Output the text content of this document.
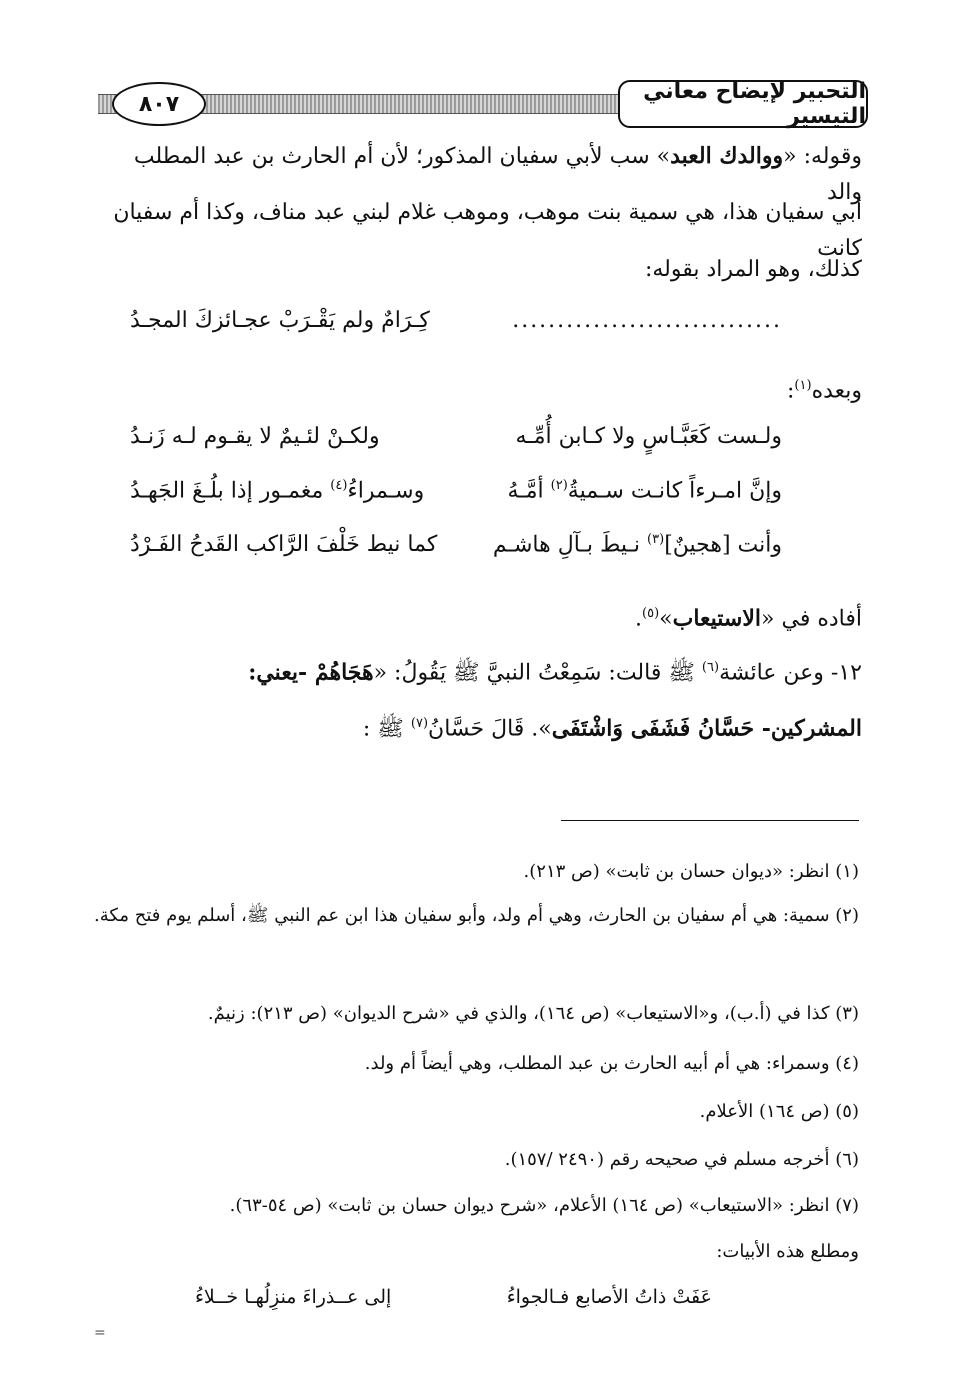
التحبير لإيضاح معاني التيسير
٨٠٧
وقوله: «ووالدك العبد» سب لأبي سفيان المذكور؛ لأن أم الحارث بن عبد المطلب والد
أبي سفيان هذا، هي سمية بنت موهب، وموهب غلام لبني عبد مناف، وكذا أم سفيان كانت
كذلك، وهو المراد بقوله:
..............................
كِـرَامٌ ولم يَقْـرَبْ عجـائزكَ المجـدُ
وبعده$^{(١)}$:
ولـست كَعَبَّـاسٍ ولا كـابن أُمِّـه
ولكـنْ لئـيمٌ لا يقـوم لـه زَنـدُ
وإنَّ امـرءاً كانـت سـميةُ$^{(٢)}$ أمَّـهُ
وسـمراءُ$^{(٤)}$ مغمـور إذا بلُـغَ الجَهـدُ
وأنت [هجينٌ]$^{(٣)}$ نـيطَ بـآلِ هاشـم
كما نيط خَلْفَ الرَّاكب القَدحُ الفَـرْدُ
أفاده في «الاستيعاب»$^{(٥)}$.
١٢- وعن عائشة$^{(٦)}$ ﷺ قالت: سَمِعْتُ النبيَّ ﷺ يَقُولُ: «هَجَاهُمْ -يعني:
المشركين- حَسَّانُ فَشَفَى وَاشْتَفَى». قَالَ حَسَّانُ$^{(٧)}$ ﷺ :
(١) انظر: «ديوان حسان بن ثابت» (ص ٢١٣).
(٢) سمية: هي أم سفيان بن الحارث، وهي أم ولد، وأبو سفيان هذا ابن عم النبي ﷺ، أسلم يوم فتح مكة.
(٣) كذا في (أ.ب)، و«الاستيعاب» (ص ١٦٤)، والذي في «شرح الديوان» (ص ٢١٣): زنيمٌ.
(٤) وسمراء: هي أم أبيه الحارث بن عبد المطلب، وهي أيضاً أم ولد.
(٥) (ص ١٦٤) الأعلام.
(٦) أخرجه مسلم في صحيحه رقم (٢٤٩٠ /١٥٧).
(٧) انظر: «الاستيعاب» (ص ١٦٤) الأعلام، «شرح ديوان حسان بن ثابت» (ص ٥٤-٦٣).
ومطلع هذه الأبيات:
عَفَتْ ذاتُ الأصابع فـالجواءُ
إلى عــذراءَ منزِلُهـا خــلاءُ
=
